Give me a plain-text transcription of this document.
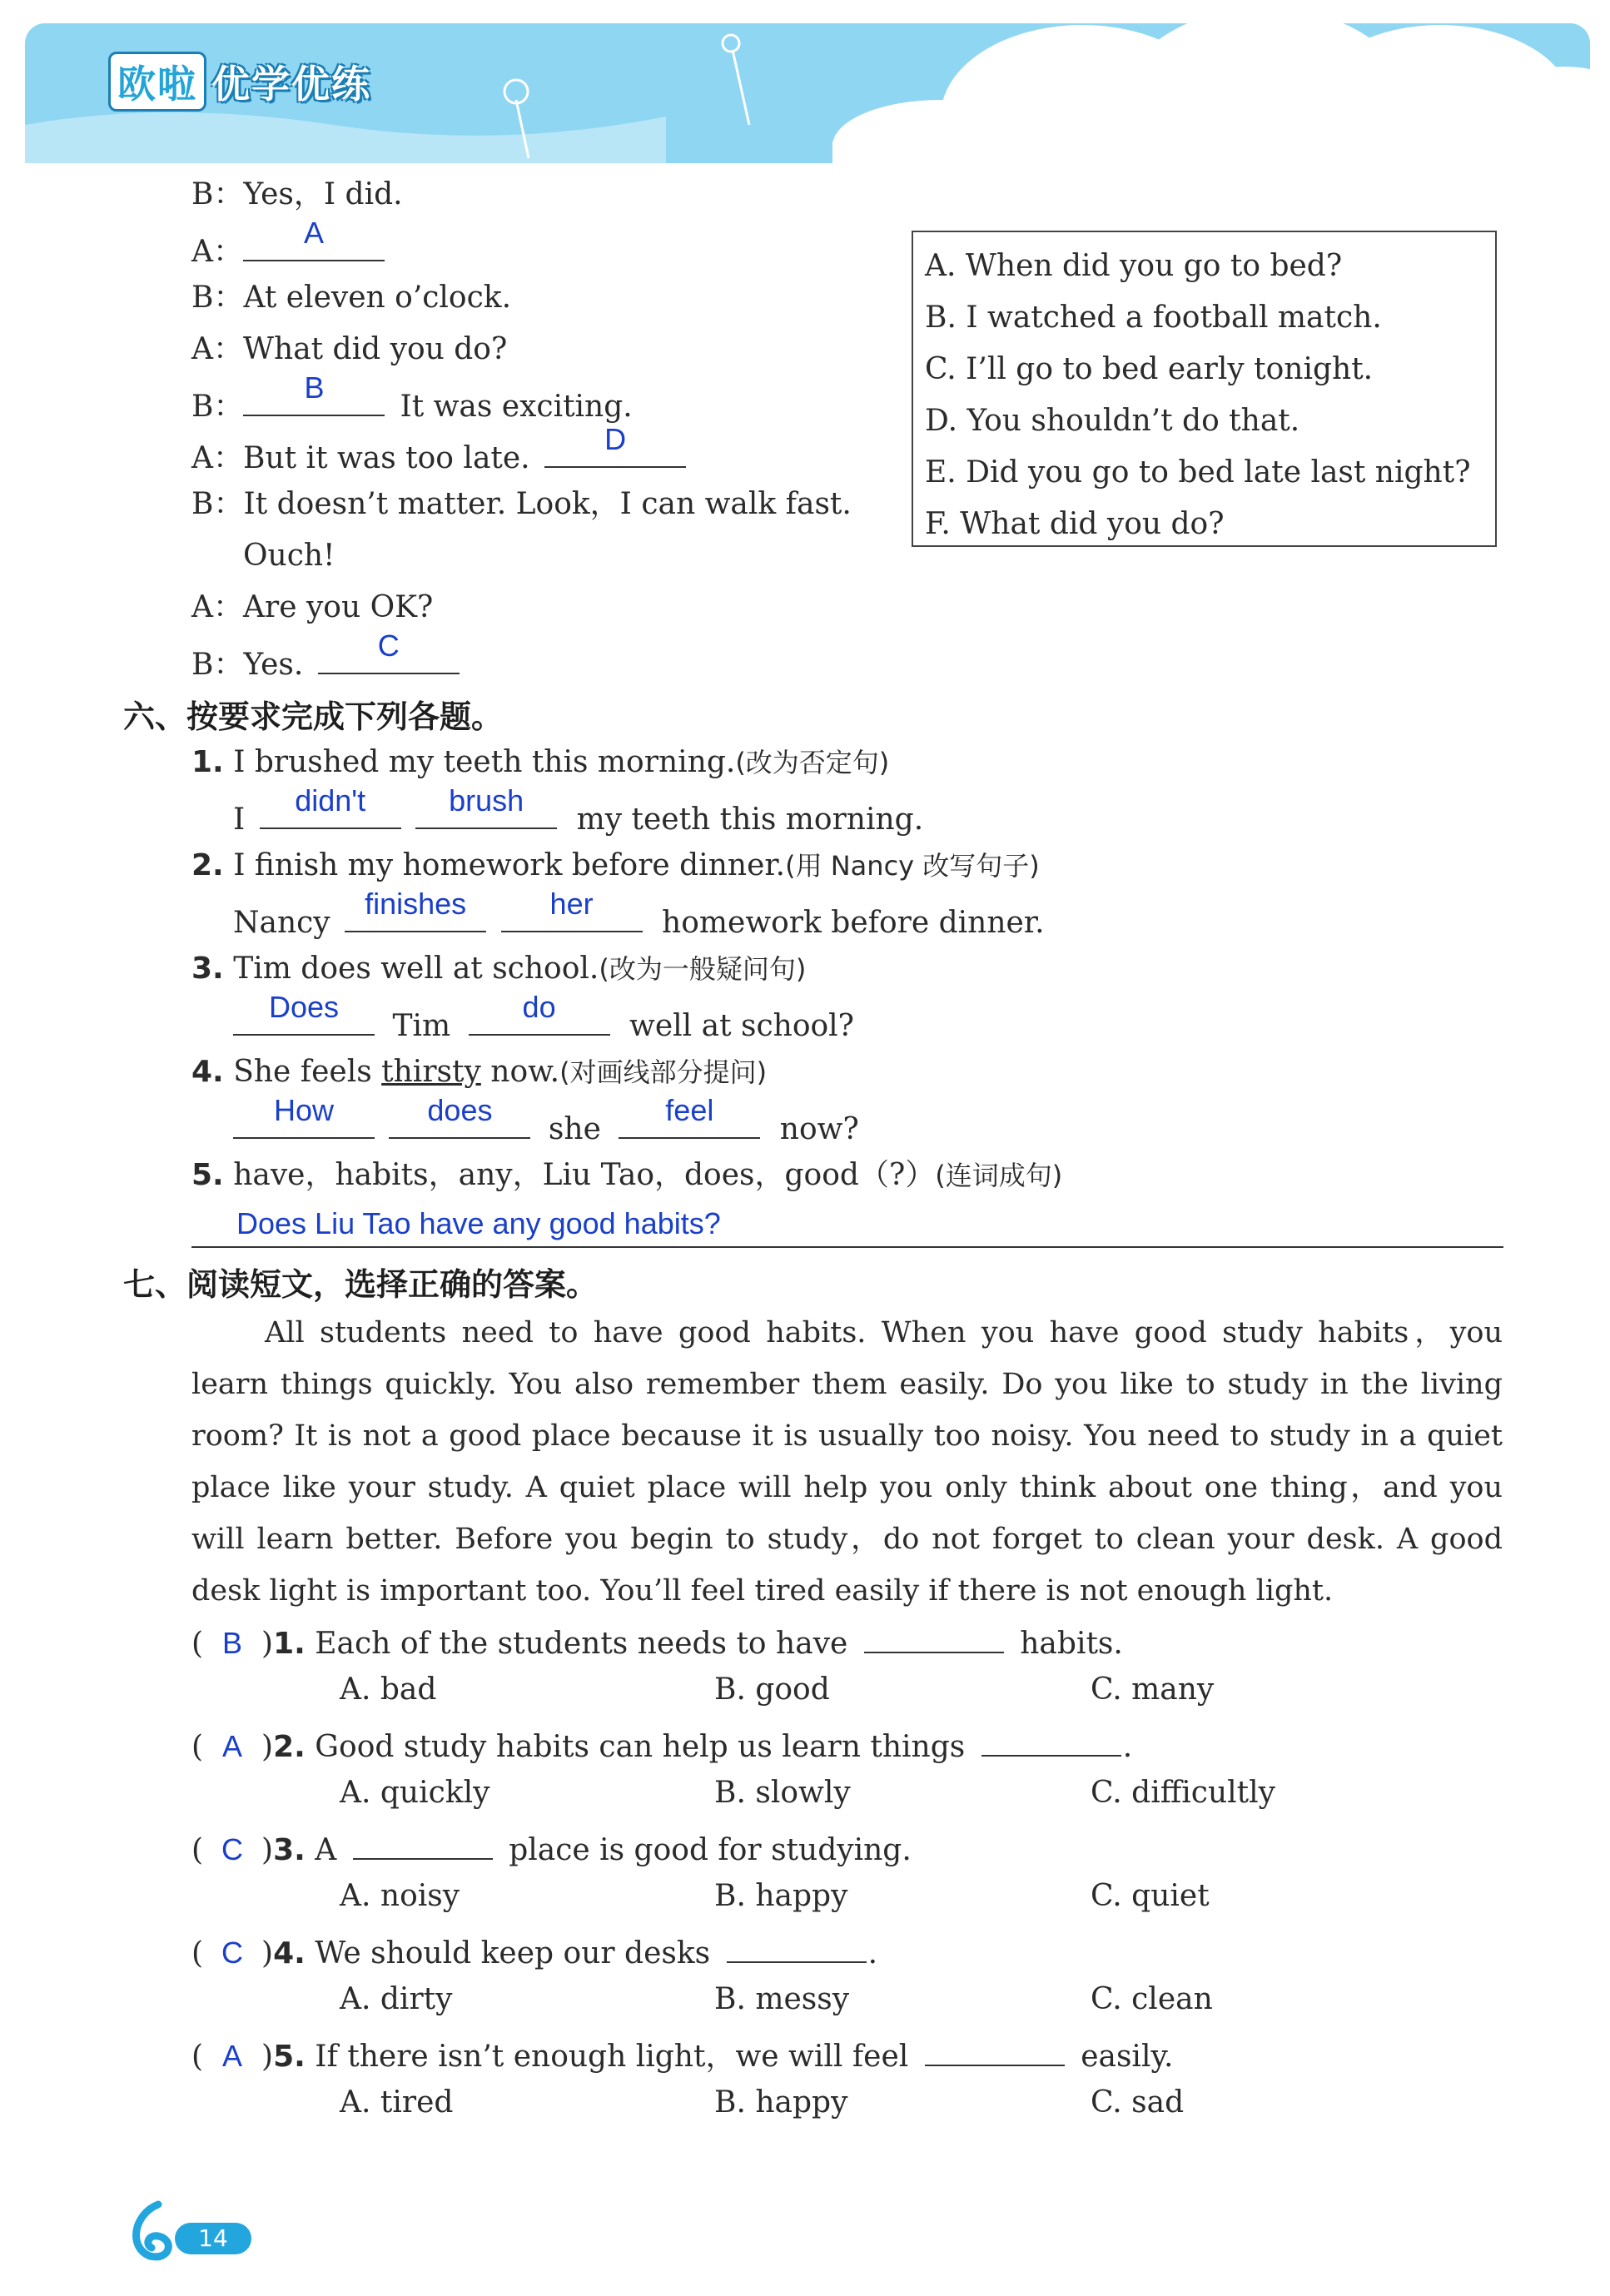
欧啦 优学优练
B：Yes，I did.
A：
A
B：At eleven o’clock.
A：What did you do?
B：
B
It was exciting.
A：But it was too late.
D
B：It doesn’t matter. Look，I can walk fast.
Ouch!
A：Are you OK?
B：Yes.
C
A. When did you go to bed?
B. I watched a football match.
C. I’ll go to bed early tonight.
D. You shouldn’t do that.
E. Did you go to bed late last night?
F. What did you do?
六、按要求完成下列各题。
1. I brushed my teeth this morning.(改为否定句)
I
didn't
	brush
my teeth this morning.
2. I finish my homework before dinner.(用 Nancy 改写句子)
Nancy
finishes
	her
homework before dinner.
3. Tim does well at school.(改为一般疑问句)
Does
Tim
do
well at school?
4. She feels thirsty now.(对画线部分提问)
How
	does
she
feel
now?
5. have，habits，any，Liu Tao，does，good（?）(连词成句)
Does Liu Tao have any good habits?
七、阅读短文，选择正确的答案。
All students need to have good habits. When you have good study habits，you learn things quickly. You also remember them easily. Do you like to study in the living room? It is not a good place because it is usually too noisy. You need to study in a quiet place like your study. A quiet place will help you only think about one thing，and you will learn better. Before you begin to study，do not forget to clean your desk. A good desk light is important too. You’ll feel tired easily if there is not enough light.
( B )1. Each of the students needs to have	habits.
A. bad	B. good	C. many
( A )2. Good study habits can help us learn things	.
A. quickly	B. slowly	C. difficultly
( C )3. A	place is good for studying.
A. noisy	B. happy	C. quiet
( C )4. We should keep our desks	.
A. dirty	B. messy	C. clean
( A )5. If there isn’t enough light，we will feel	easily.
A. tired	B. happy	C. sad
14
